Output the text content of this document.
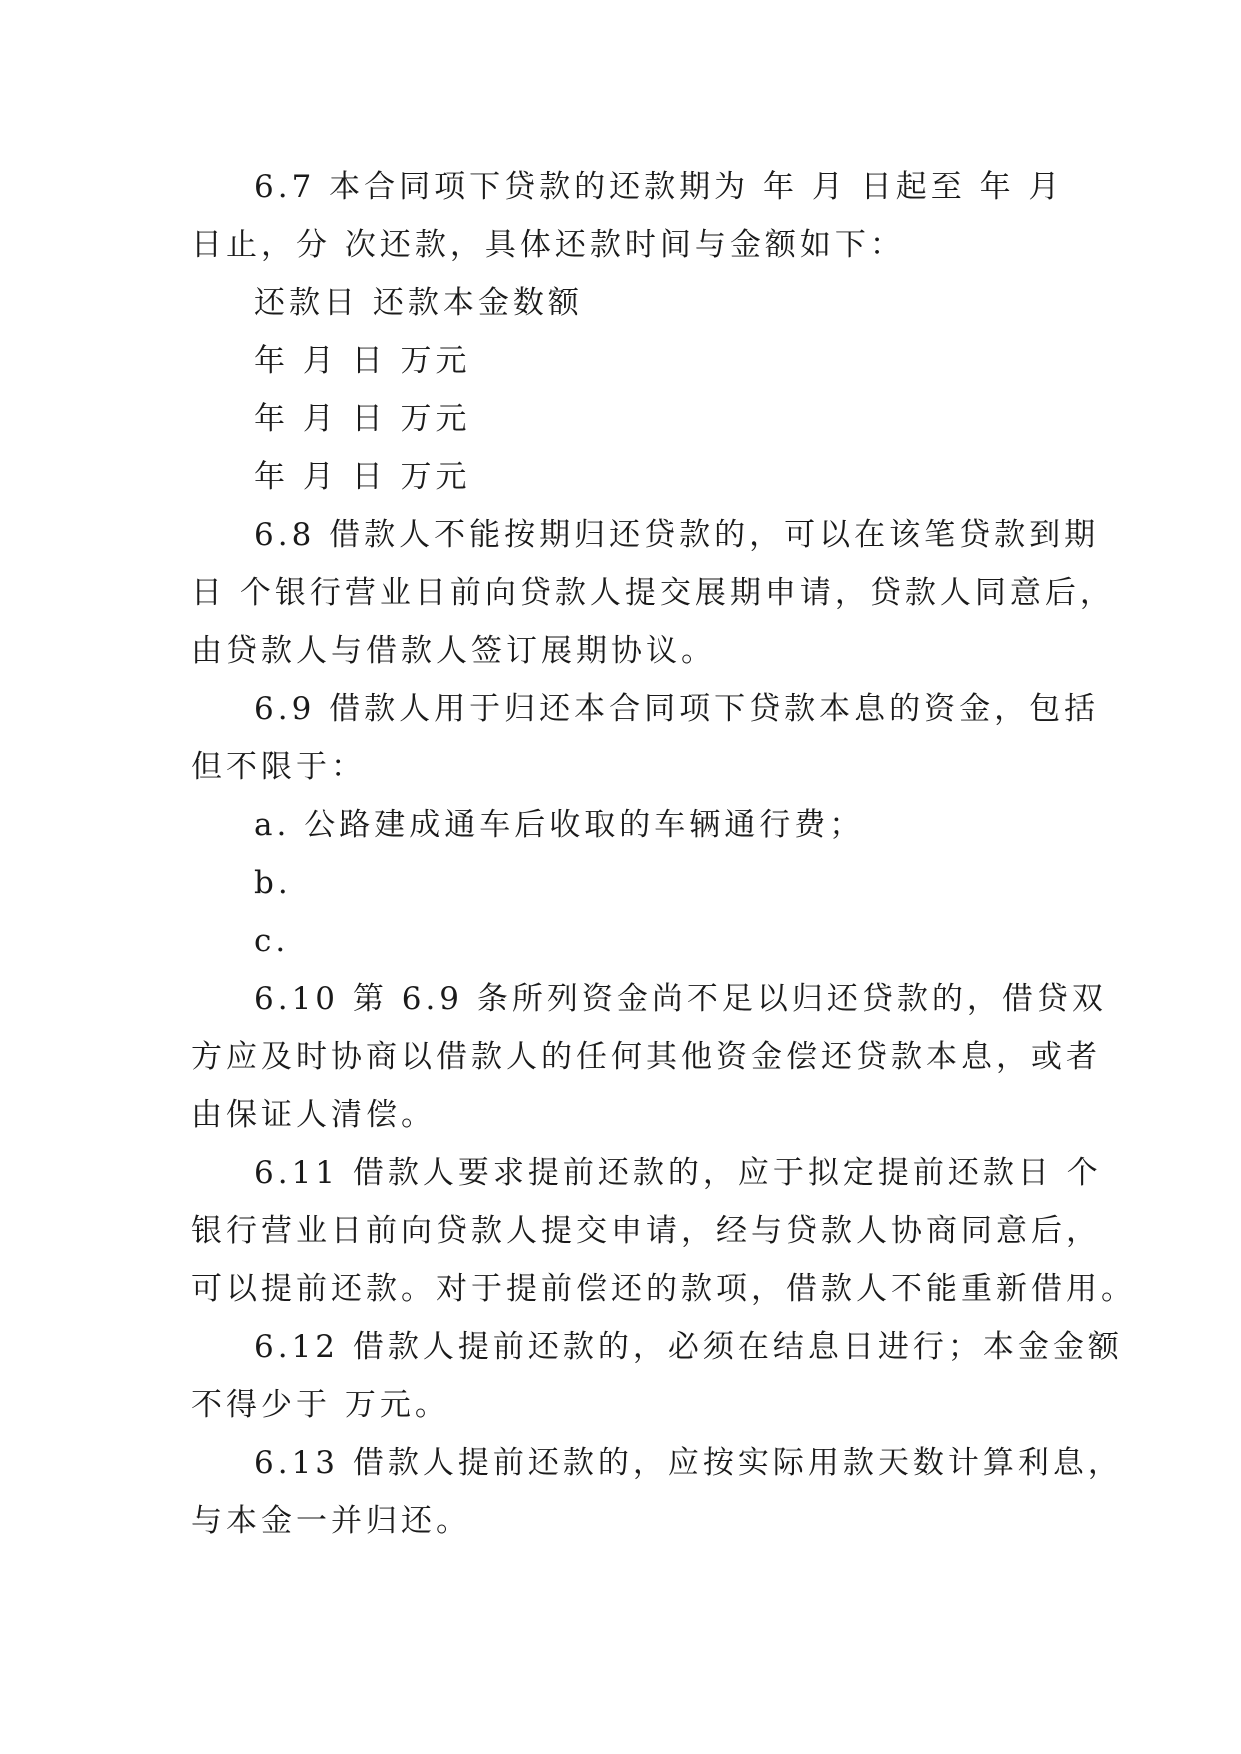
6.7 本合同项下贷款的还款期为 年 月 日起至 年 月
日止，分 次还款，具体还款时间与金额如下：
还款日 还款本金数额
年 月 日 万元
年 月 日 万元
年 月 日 万元
6.8 借款人不能按期归还贷款的，可以在该笔贷款到期
日 个银行营业日前向贷款人提交展期申请，贷款人同意后，
由贷款人与借款人签订展期协议。
6.9 借款人用于归还本合同项下贷款本息的资金，包括
但不限于：
a. 公路建成通车后收取的车辆通行费；
b.
c.
6.10 第 6.9 条所列资金尚不足以归还贷款的，借贷双
方应及时协商以借款人的任何其他资金偿还贷款本息，或者
由保证人清偿。
6.11 借款人要求提前还款的，应于拟定提前还款日 个
银行营业日前向贷款人提交申请，经与贷款人协商同意后，
可以提前还款。对于提前偿还的款项，借款人不能重新借用。
6.12 借款人提前还款的，必须在结息日进行；本金金额
不得少于 万元。
6.13 借款人提前还款的，应按实际用款天数计算利息，
与本金一并归还。
